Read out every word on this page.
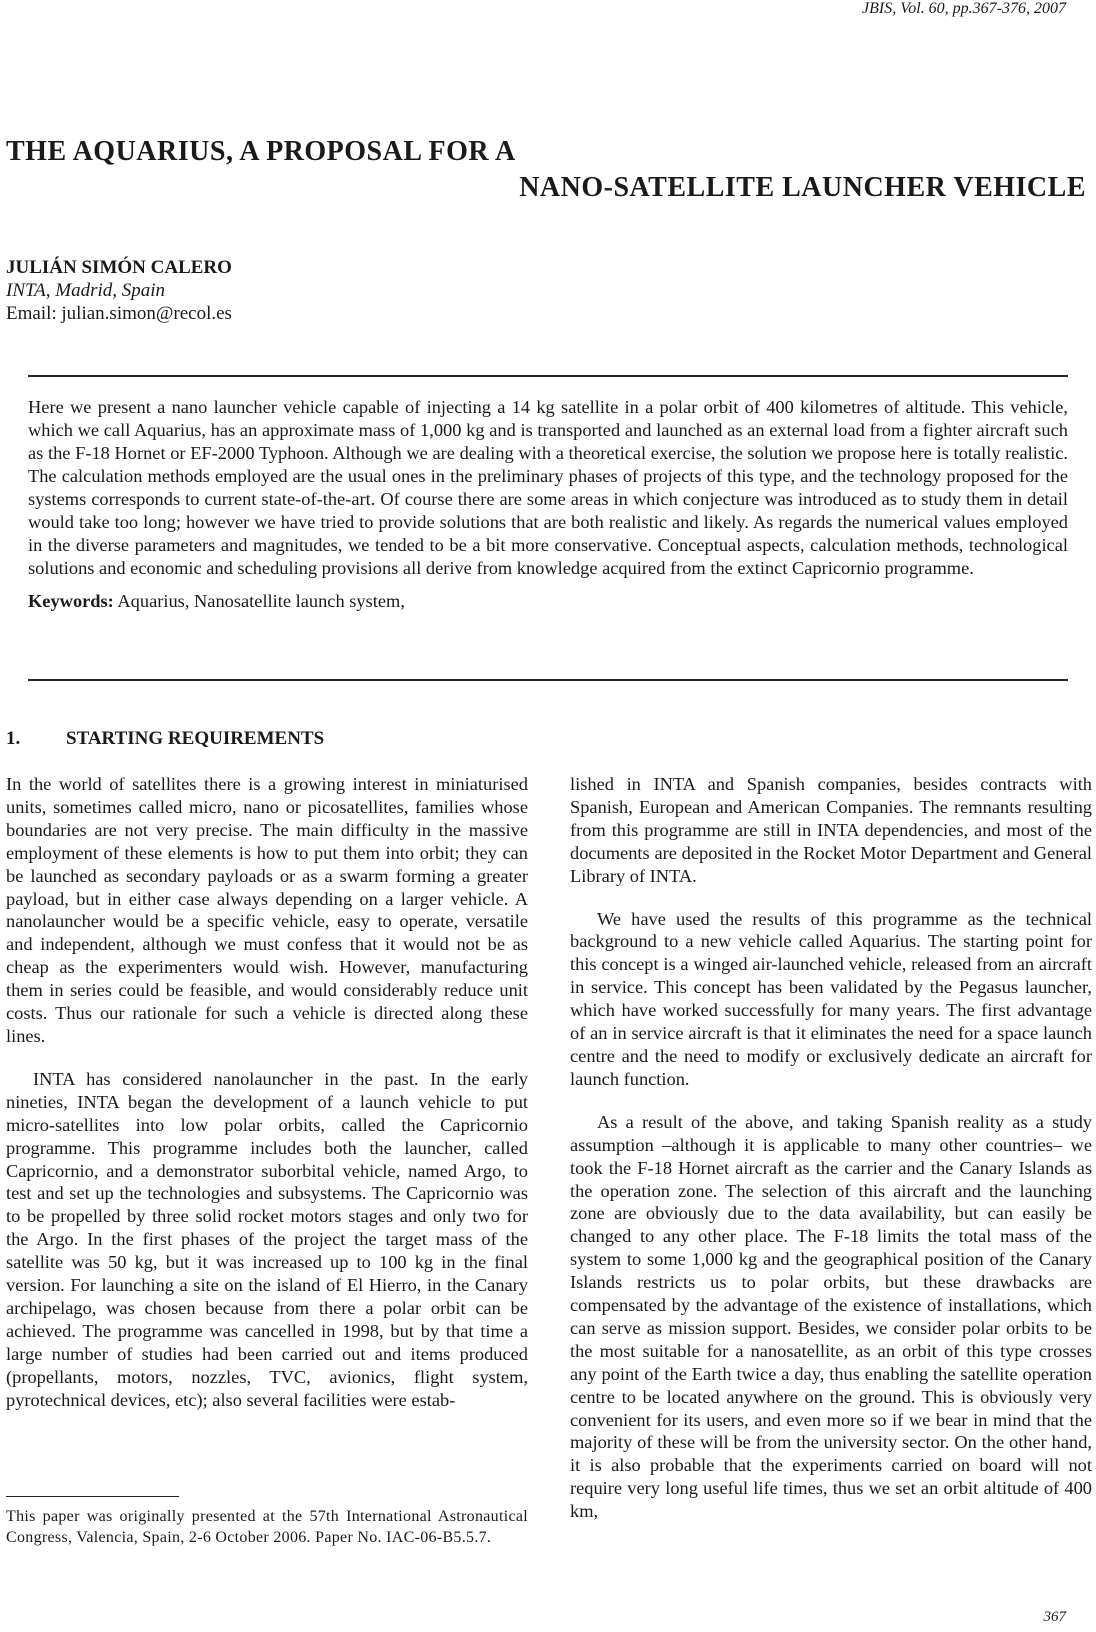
JBIS, Vol. 60, pp.367-376, 2007
THE AQUARIUS, A PROPOSAL FOR A
NANO-SATELLITE LAUNCHER VEHICLE
JULIÁN SIMÓN CALERO
INTA, Madrid, Spain
Email: julian.simon@recol.es

Here we present a nano launcher vehicle capable of injecting a 14 kg satellite in a polar orbit of 400 kilometres of altitude. This vehicle, which we call Aquarius, has an approximate mass of 1,000 kg and is transported and launched as an external load from a fighter aircraft such as the F-18 Hornet or EF-2000 Typhoon. Although we are dealing with a theoretical exercise, the solution we propose here is totally realistic. The calculation methods employed are the usual ones in the preliminary phases of projects of this type, and the technology proposed for the systems corresponds to current state-of-the-art. Of course there are some areas in which conjecture was introduced as to study them in detail would take too long; however we have tried to provide solutions that are both realistic and likely. As regards the numerical values employed in the diverse parameters and magnitudes, we tended to be a bit more conservative. Conceptual aspects, calculation methods, technological solutions and economic and scheduling provisions all derive from knowledge acquired from the extinct Capricornio programme.

Keywords: Aquarius, Nanosatellite launch system,

1. STARTING REQUIREMENTS

In the world of satellites there is a growing interest in miniaturised units, sometimes called micro, nano or picosatellites, families whose boundaries are not very precise. The main difficulty in the massive employment of these elements is how to put them into orbit; they can be launched as secondary payloads or as a swarm forming a greater payload, but in either case always depending on a larger vehicle. A nanolauncher would be a specific vehicle, easy to operate, versatile and independent, although we must confess that it would not be as cheap as the experimenters would wish. However, manufacturing them in series could be feasible, and would considerably reduce unit costs. Thus our rationale for such a vehicle is directed along these lines.

INTA has considered nanolauncher in the past. In the early nineties, INTA began the development of a launch vehicle to put micro-satellites into low polar orbits, called the Capricornio programme. This programme includes both the launcher, called Capricornio, and a demonstrator suborbital vehicle, named Argo, to test and set up the technologies and subsystems. The Capricornio was to be propelled by three solid rocket motors stages and only two for the Argo. In the first phases of the project the target mass of the satellite was 50 kg, but it was increased up to 100 kg in the final version. For launching a site on the island of El Hierro, in the Canary archipelago, was chosen because from there a polar orbit can be achieved. The programme was cancelled in 1998, but by that time a large number of studies had been carried out and items produced (propellants, motors, nozzles, TVC, avionics, flight system, pyrotechnical devices, etc); also several facilities were estab-

lished in INTA and Spanish companies, besides contracts with Spanish, European and American Companies. The remnants resulting from this programme are still in INTA dependencies, and most of the documents are deposited in the Rocket Motor Department and General Library of INTA.

We have used the results of this programme as the technical background to a new vehicle called Aquarius. The starting point for this concept is a winged air-launched vehicle, released from an aircraft in service. This concept has been validated by the Pegasus launcher, which have worked successfully for many years. The first advantage of an in service aircraft is that it eliminates the need for a space launch centre and the need to modify or exclusively dedicate an aircraft for launch function.

As a result of the above, and taking Spanish reality as a study assumption –although it is applicable to many other countries– we took the F-18 Hornet aircraft as the carrier and the Canary Islands as the operation zone. The selection of this aircraft and the launching zone are obviously due to the data availability, but can easily be changed to any other place. The F-18 limits the total mass of the system to some 1,000 kg and the geographical position of the Canary Islands restricts us to polar orbits, but these drawbacks are compensated by the advantage of the existence of installations, which can serve as mission support. Besides, we consider polar orbits to be the most suitable for a nanosatellite, as an orbit of this type crosses any point of the Earth twice a day, thus enabling the satellite operation centre to be located anywhere on the ground. This is obviously very convenient for its users, and even more so if we bear in mind that the majority of these will be from the university sector. On the other hand, it is also probable that the experiments carried on board will not require very long useful life times, thus we set an orbit altitude of 400 km,

This paper was originally presented at the 57th International Astronautical Congress, Valencia, Spain, 2-6 October 2006. Paper No. IAC-06-B5.5.7.
367
